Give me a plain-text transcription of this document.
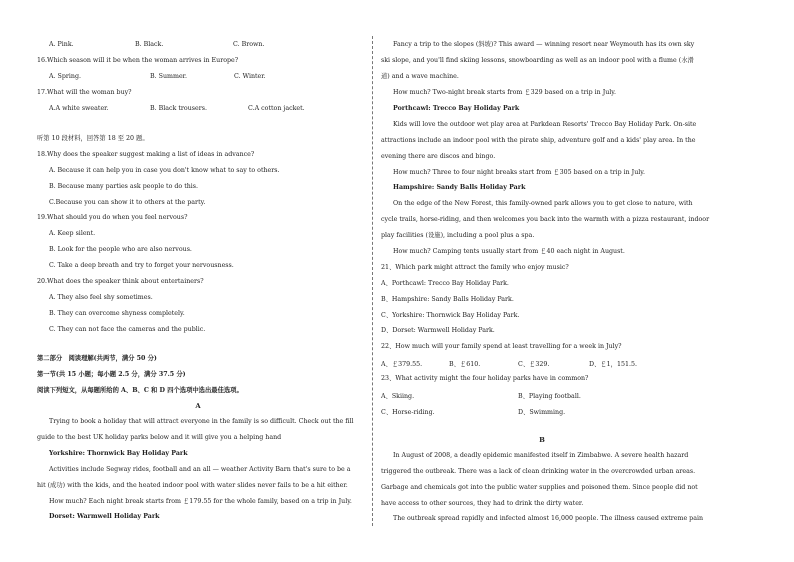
A. Pink.	B. Black.	C. Brown.
16.Which season will it be when the woman arrives in Europe?
A. Spring.	B. Summer.	C. Winter.
17.What will the woman buy?
A.A white sweater.	B. Black trousers.	C.A cotton jacket.
听第 10 段材料，回答第 18 至 20 题。
18.Why does the speaker suggest making a list of ideas in advance?
A. Because it can help you in case you don't know what to say to others.
B. Because many parties ask people to do this.
C.Because you can show it to others at the party.
19.What should you do when you feel nervous?
A. Keep silent.
B. Look for the people who are also nervous.
C. Take a deep breath and try to forget your nervousness.
20.What does the speaker think about entertainers?
A. They also feel shy sometimes.
B. They can overcome shyness completely.
C. They can not face the cameras and the public.
第二部分　阅读理解(共两节，满分 50 分)
第一节(共 15 小题；每小题 2.5 分，满分 37.5 分)
阅读下列短文，从每题所给的 A、B、C 和 D 四个选项中选出最佳选项。
A
Trying to book a holiday that will attract everyone in the family is so difficult. Check out the fill
guide to the best UK holiday parks below and it will give you a helping hand
Yorkshire: Thornwick Bay Holiday Park
Activities include Segway rides, football and an all — weather Activity Barn that's sure to be a
hit (成功) with the kids, and the heated indoor pool with water slides never fails to be a hit either.
How much? Each night break starts from ￡179.55 for the whole family, based on a trip in July.
Dorset: Warmwell Holiday Park
Fancy a trip to the slopes (斜坡)? This award — winning resort near Weymouth has its own sky
ski slope, and you'll find skiing lessons, snowboarding as well as an indoor pool with a flume (水滑
道) and a wave machine.
How much? Two-night break starts from ￡329 based on a trip in July.
Porthcawl: Trecco Bay Holiday Park
Kids will love the outdoor wet play area at Parkdean Resorts' Trecco Bay Holiday Park. On-site
attractions include an indoor pool with the pirate ship, adventure golf and a kids' play area. In the
evening there are discos and bingo.
How much? Three to four night breaks start from ￡305 based on a trip in July.
Hampshire: Sandy Balls Holiday Park
On the edge of the New Forest, this family-owned park allows you to get close to nature, with
cycle trails, horse-riding, and then welcomes you back into the warmth with a pizza restaurant, indoor
play facilities (设施), including a pool plus a spa.
How much? Camping tents usually start from ￡40 each night in August.
21、Which park might attract the family who enjoy music?
A、Porthcawl: Trecco Bay Holiday Park.
B、Hampshire: Sandy Balls Holiday Park.
C、Yorkshire: Thornwick Bay Holiday Park.
D、Dorset: Warmwell Holiday Park.
22、How much will your family spend at least travelling for a week in July?
A、￡379.55.	B、￡610.	C、￡329.	D、￡1，151.5.
23、What activity might the four holiday parks have in common?
A、Skiing.	B、Playing football.
C、Horse-riding.	D、Swimming.
B
In August of 2008, a deadly epidemic manifested itself in Zimbabwe. A severe health hazard
triggered the outbreak. There was a lack of clean drinking water in the overcrowded urban areas.
Garbage and chemicals got into the public water supplies and poisoned them. Since people did not
have access to other sources, they had to drink the dirty water.
The outbreak spread rapidly and infected almost 16,000 people. The illness caused extreme pain
